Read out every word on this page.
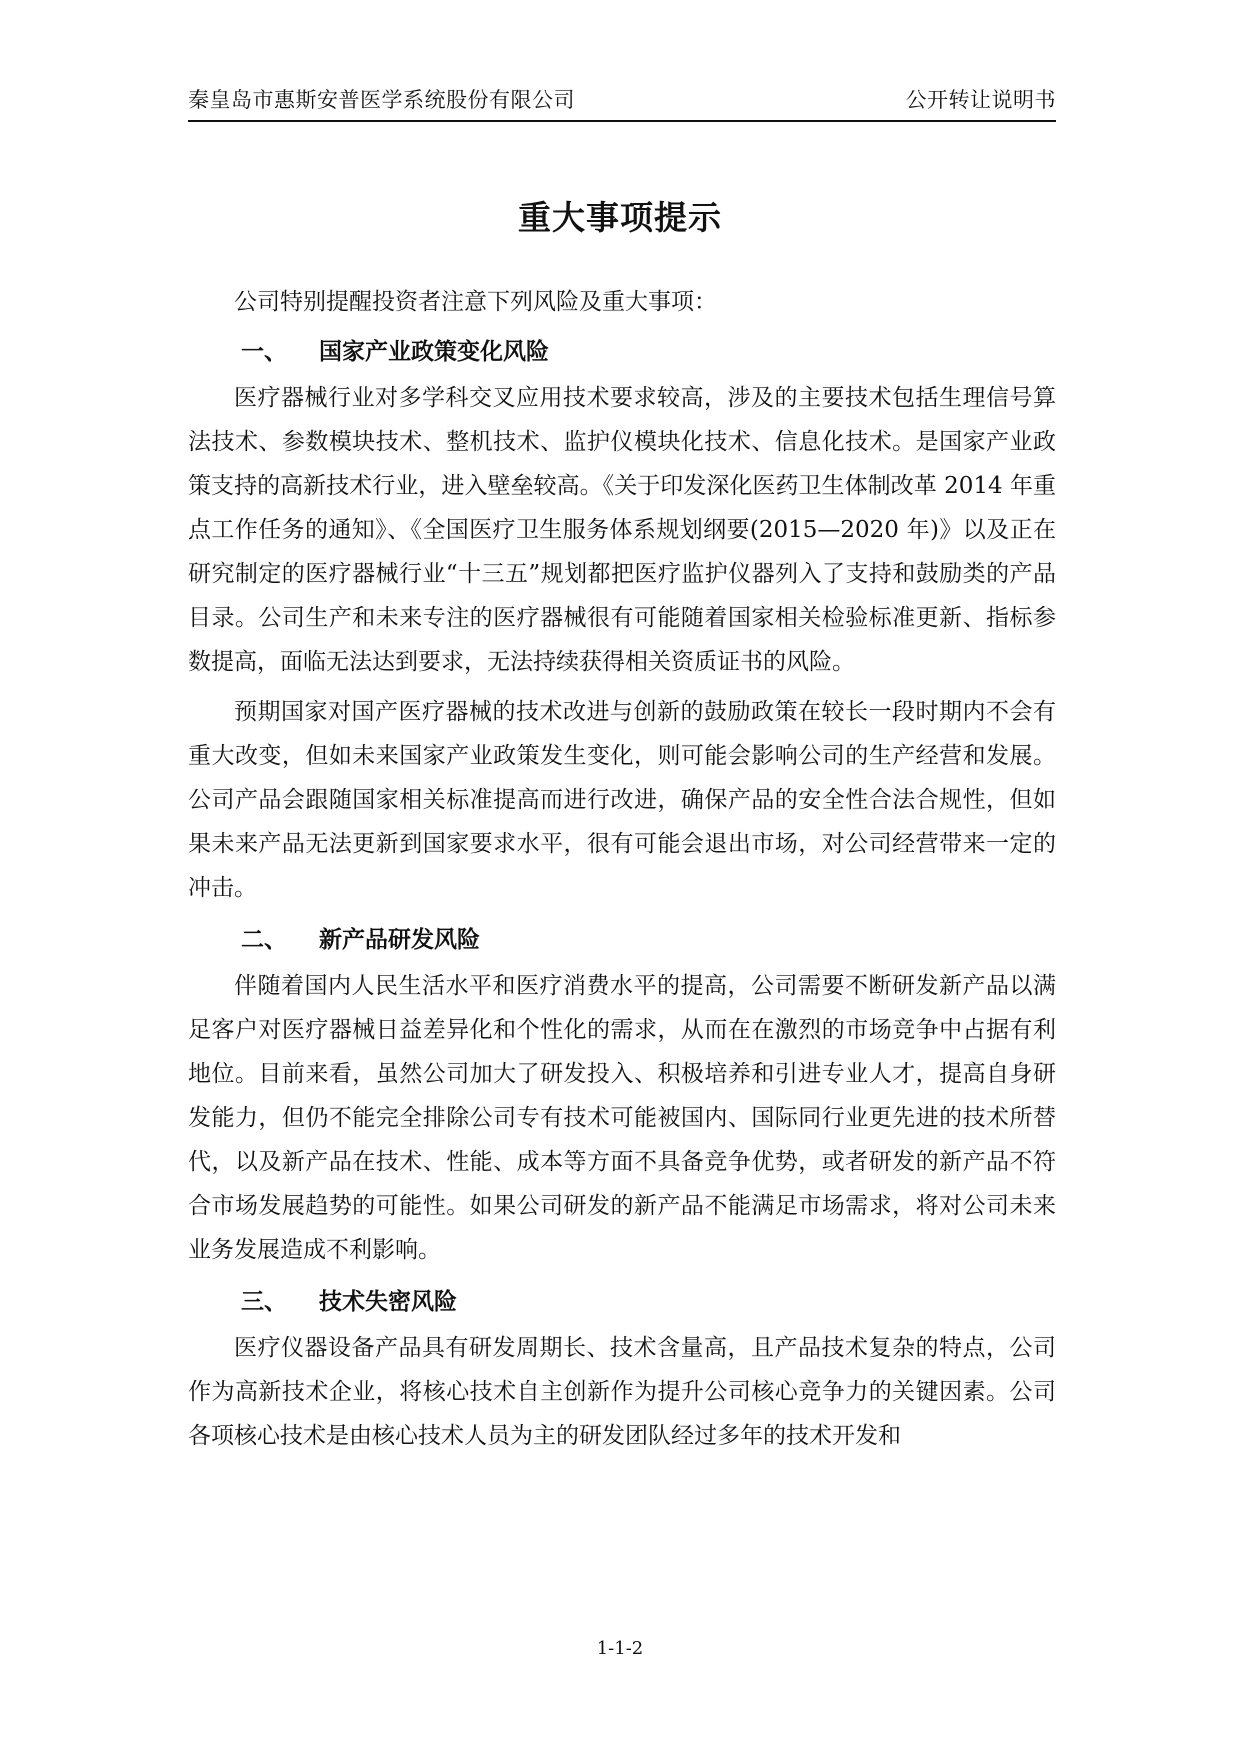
秦皇岛市惠斯安普医学系统股份有限公司	公开转让说明书
重大事项提示

公司特别提醒投资者注意下列风险及重大事项：

一、 国家产业政策变化风险

医疗器械行业对多学科交叉应用技术要求较高，涉及的主要技术包括生理信号算法技术、参数模块技术、整机技术、监护仪模块化技术、信息化技术。是国家产业政策支持的高新技术行业，进入壁垒较高。《关于印发深化医药卫生体制改革 2014 年重点工作任务的通知》、《全国医疗卫生服务体系规划纲要(2015—2020 年)》以及正在研究制定的医疗器械行业“十三五”规划都把医疗监护仪器列入了支持和鼓励类的产品目录。公司生产和未来专注的医疗器械很有可能随着国家相关检验标准更新、指标参数提高，面临无法达到要求，无法持续获得相关资质证书的风险。

预期国家对国产医疗器械的技术改进与创新的鼓励政策在较长一段时期内不会有重大改变，但如未来国家产业政策发生变化，则可能会影响公司的生产经营和发展。公司产品会跟随国家相关标准提高而进行改进，确保产品的安全性合法合规性，但如果未来产品无法更新到国家要求水平，很有可能会退出市场，对公司经营带来一定的冲击。

二、 新产品研发风险

伴随着国内人民生活水平和医疗消费水平的提高，公司需要不断研发新产品以满足客户对医疗器械日益差异化和个性化的需求，从而在在激烈的市场竞争中占据有利地位。目前来看，虽然公司加大了研发投入、积极培养和引进专业人才，提高自身研发能力，但仍不能完全排除公司专有技术可能被国内、国际同行业更先进的技术所替代，以及新产品在技术、性能、成本等方面不具备竞争优势，或者研发的新产品不符合市场发展趋势的可能性。如果公司研发的新产品不能满足市场需求，将对公司未来业务发展造成不利影响。

三、 技术失密风险

医疗仪器设备产品具有研发周期长、技术含量高，且产品技术复杂的特点，公司作为高新技术企业，将核心技术自主创新作为提升公司核心竞争力的关键因素。公司各项核心技术是由核心技术人员为主的研发团队经过多年的技术开发和

1-1-2
